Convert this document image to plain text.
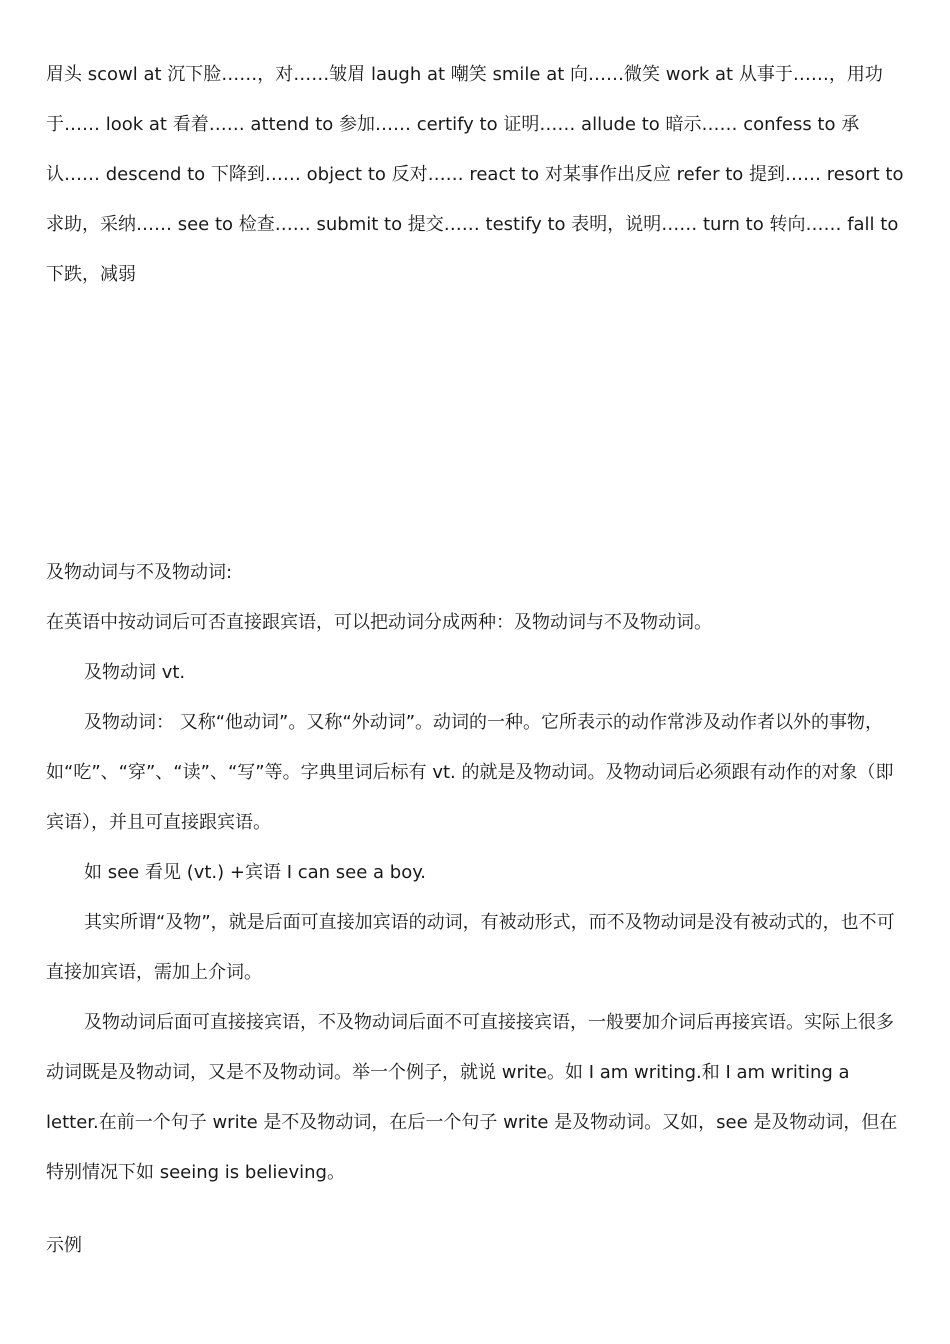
眉头 scowl at 沉下脸……，对……皱眉 laugh at 嘲笑 smile at 向……微笑 work at 从事于……，用功于…… look at 看着…… attend to 参加…… certify to 证明…… allude to 暗示…… confess to 承认…… descend to 下降到…… object to 反对…… react to 对某事作出反应 refer to 提到…… resort to 求助，采纳…… see to 检查…… submit to 提交…… testify to 表明，说明…… turn to 转向…… fall to 下跌，减弱

及物动词与不及物动词:

在英语中按动词后可否直接跟宾语，可以把动词分成两种：及物动词与不及物动词。

及物动词 vt.

及物动词： 又称“他动词”。又称“外动词”。动词的一种。它所表示的动作常涉及动作者以外的事物，如“吃”、“穿”、“读”、“写”等。字典里词后标有 vt. 的就是及物动词。及物动词后必须跟有动作的对象（即宾语），并且可直接跟宾语。

如 see 看见 (vt.) +宾语 I can see a boy.

其实所谓“及物”，就是后面可直接加宾语的动词，有被动形式，而不及物动词是没有被动式的，也不可直接加宾语，需加上介词。

及物动词后面可直接接宾语，不及物动词后面不可直接接宾语，一般要加介词后再接宾语。实际上很多动词既是及物动词，又是不及物动词。举一个例子，就说 write。如 I am writing.和 I am writing a letter.在前一个句子 write 是不及物动词，在后一个句子 write 是及物动词。又如，see 是及物动词，但在特别情况下如 seeing is believing。

示例
